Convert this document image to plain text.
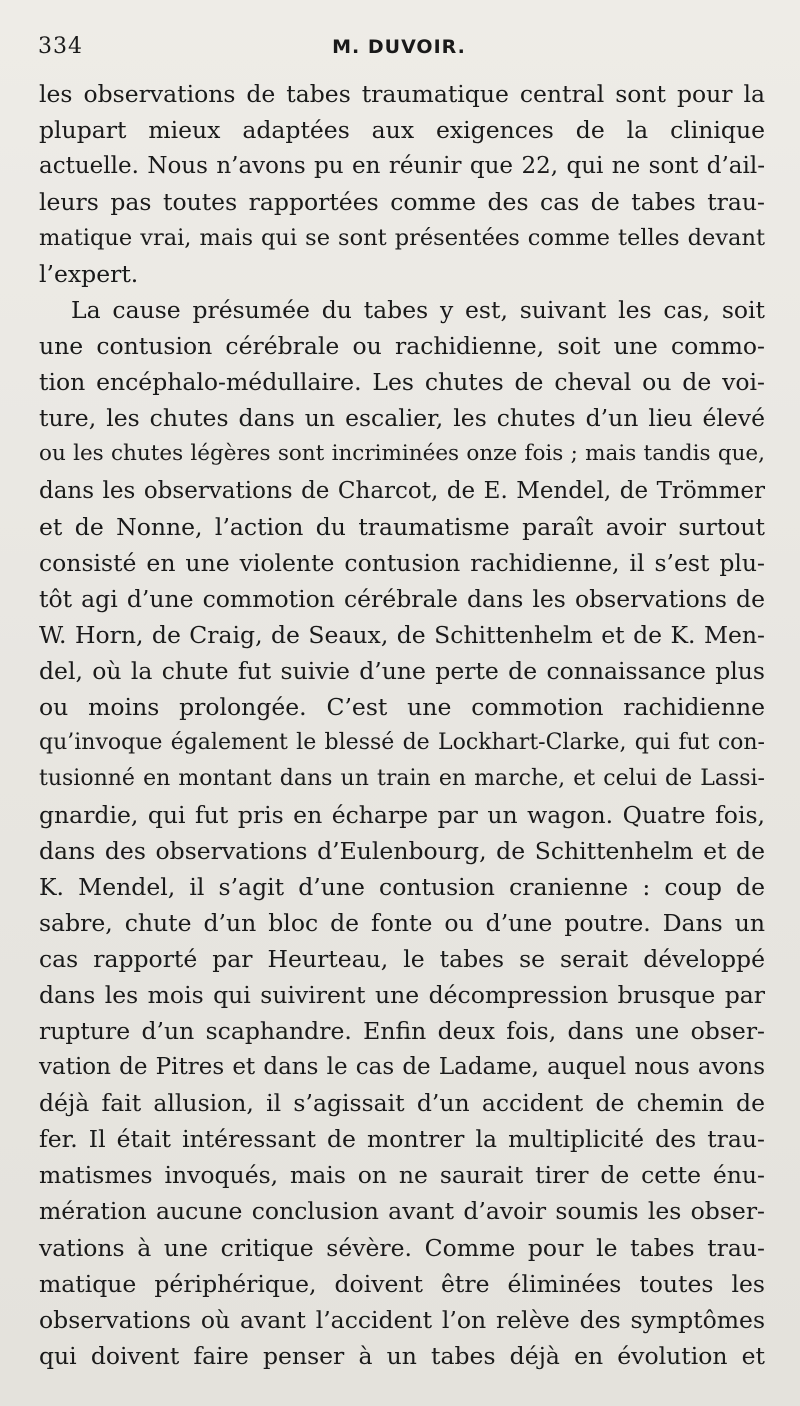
334	M. DUVOIR.
les observations de tabes traumatique central sont pour la
plupart mieux adaptées aux exigences de la clinique
actuelle. Nous n’avons pu en réunir que 22, qui ne sont d’ail-
leurs pas toutes rapportées comme des cas de tabes trau-
matique vrai, mais qui se sont présentées comme telles devant
l’expert.
La cause présumée du tabes y est, suivant les cas, soit
une contusion cérébrale ou rachidienne, soit une commo-
tion encéphalo-médullaire. Les chutes de cheval ou de voi-
ture, les chutes dans un escalier, les chutes d’un lieu élevé
ou les chutes légères sont incriminées onze fois ; mais tandis que,
dans les observations de Charcot, de E. Mendel, de Trömmer
et de Nonne, l’action du traumatisme paraît avoir surtout
consisté en une violente contusion rachidienne, il s’est plu-
tôt agi d’une commotion cérébrale dans les observations de
W. Horn, de Craig, de Seaux, de Schittenhelm et de K. Men-
del, où la chute fut suivie d’une perte de connaissance plus
ou moins prolongée. C’est une commotion rachidienne
qu’invoque également le blessé de Lockhart-Clarke, qui fut con-
tusionné en montant dans un train en marche, et celui de Lassi-
gnardie, qui fut pris en écharpe par un wagon. Quatre fois,
dans des observations d’Eulenbourg, de Schittenhelm et de
K. Mendel, il s’agit d’une contusion cranienne : coup de
sabre, chute d’un bloc de fonte ou d’une poutre. Dans un
cas rapporté par Heurteau, le tabes se serait développé
dans les mois qui suivirent une décompression brusque par
rupture d’un scaphandre. Enfin deux fois, dans une obser-
vation de Pitres et dans le cas de Ladame, auquel nous avons
déjà fait allusion, il s’agissait d’un accident de chemin de
fer. Il était intéressant de montrer la multiplicité des trau-
matismes invoqués, mais on ne saurait tirer de cette énu-
mération aucune conclusion avant d’avoir soumis les obser-
vations à une critique sévère. Comme pour le tabes trau-
matique périphérique, doivent être éliminées toutes les
observations où avant l’accident l’on relève des symptômes
qui doivent faire penser à un tabes déjà en évolution et
